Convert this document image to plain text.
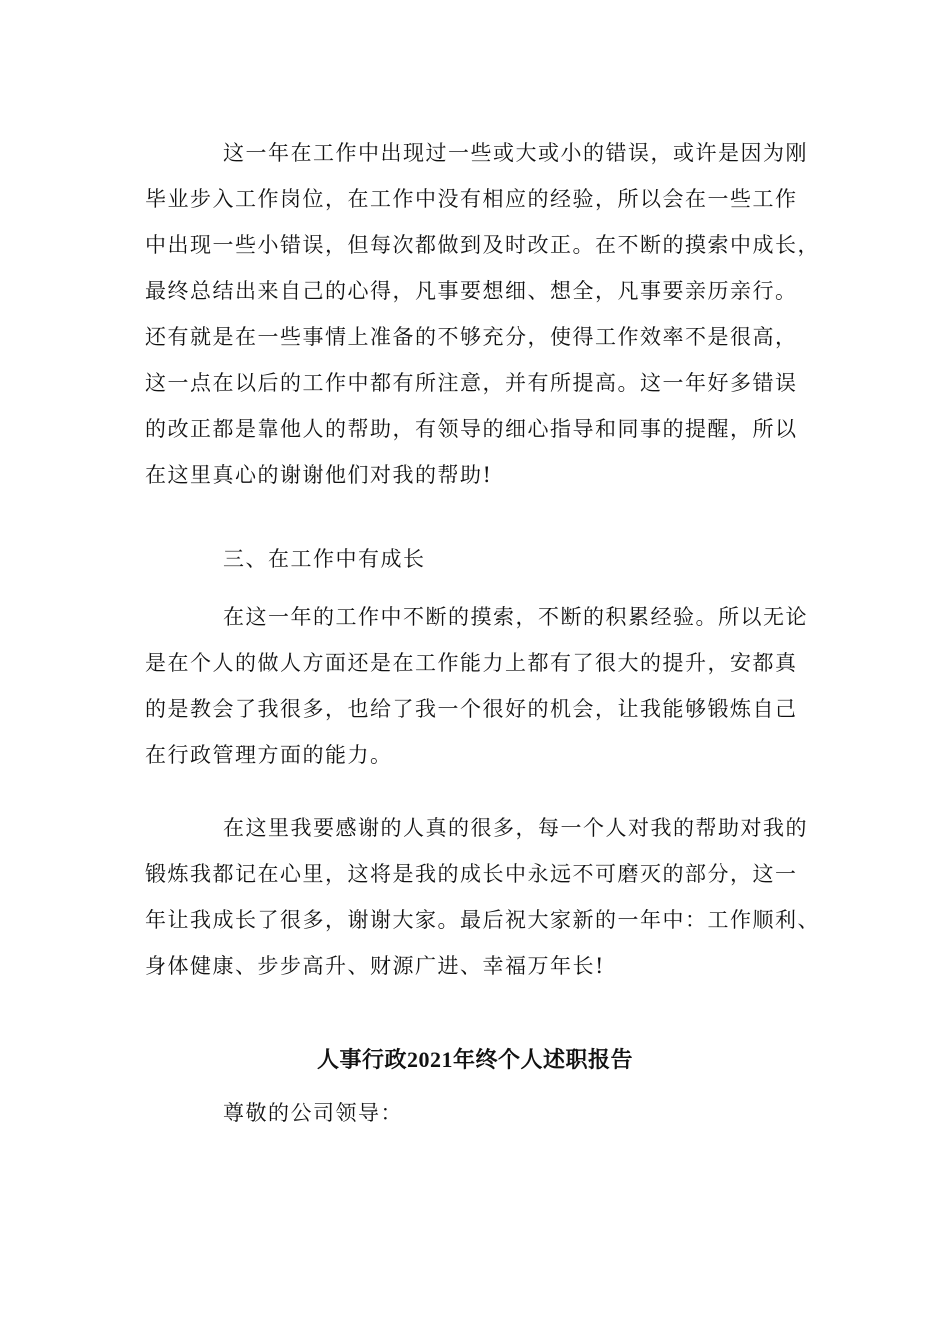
这一年在工作中出现过一些或大或小的错误，或许是因为刚
毕业步入工作岗位，在工作中没有相应的经验，所以会在一些工作
中出现一些小错误，但每次都做到及时改正。在不断的摸索中成长，
最终总结出来自己的心得，凡事要想细、想全，凡事要亲历亲行。
还有就是在一些事情上准备的不够充分，使得工作效率不是很高，
这一点在以后的工作中都有所注意，并有所提高。这一年好多错误
的改正都是靠他人的帮助，有领导的细心指导和同事的提醒，所以
在这里真心的谢谢他们对我的帮助!
三、在工作中有成长
在这一年的工作中不断的摸索，不断的积累经验。所以无论
是在个人的做人方面还是在工作能力上都有了很大的提升，安都真
的是教会了我很多，也给了我一个很好的机会，让我能够锻炼自己
在行政管理方面的能力。
在这里我要感谢的人真的很多，每一个人对我的帮助对我的
锻炼我都记在心里，这将是我的成长中永远不可磨灭的部分，这一
年让我成长了很多，谢谢大家。最后祝大家新的一年中：工作顺利、
身体健康、步步高升、财源广进、幸福万年长!
人事行政2021年终个人述职报告
尊敬的公司领导：
